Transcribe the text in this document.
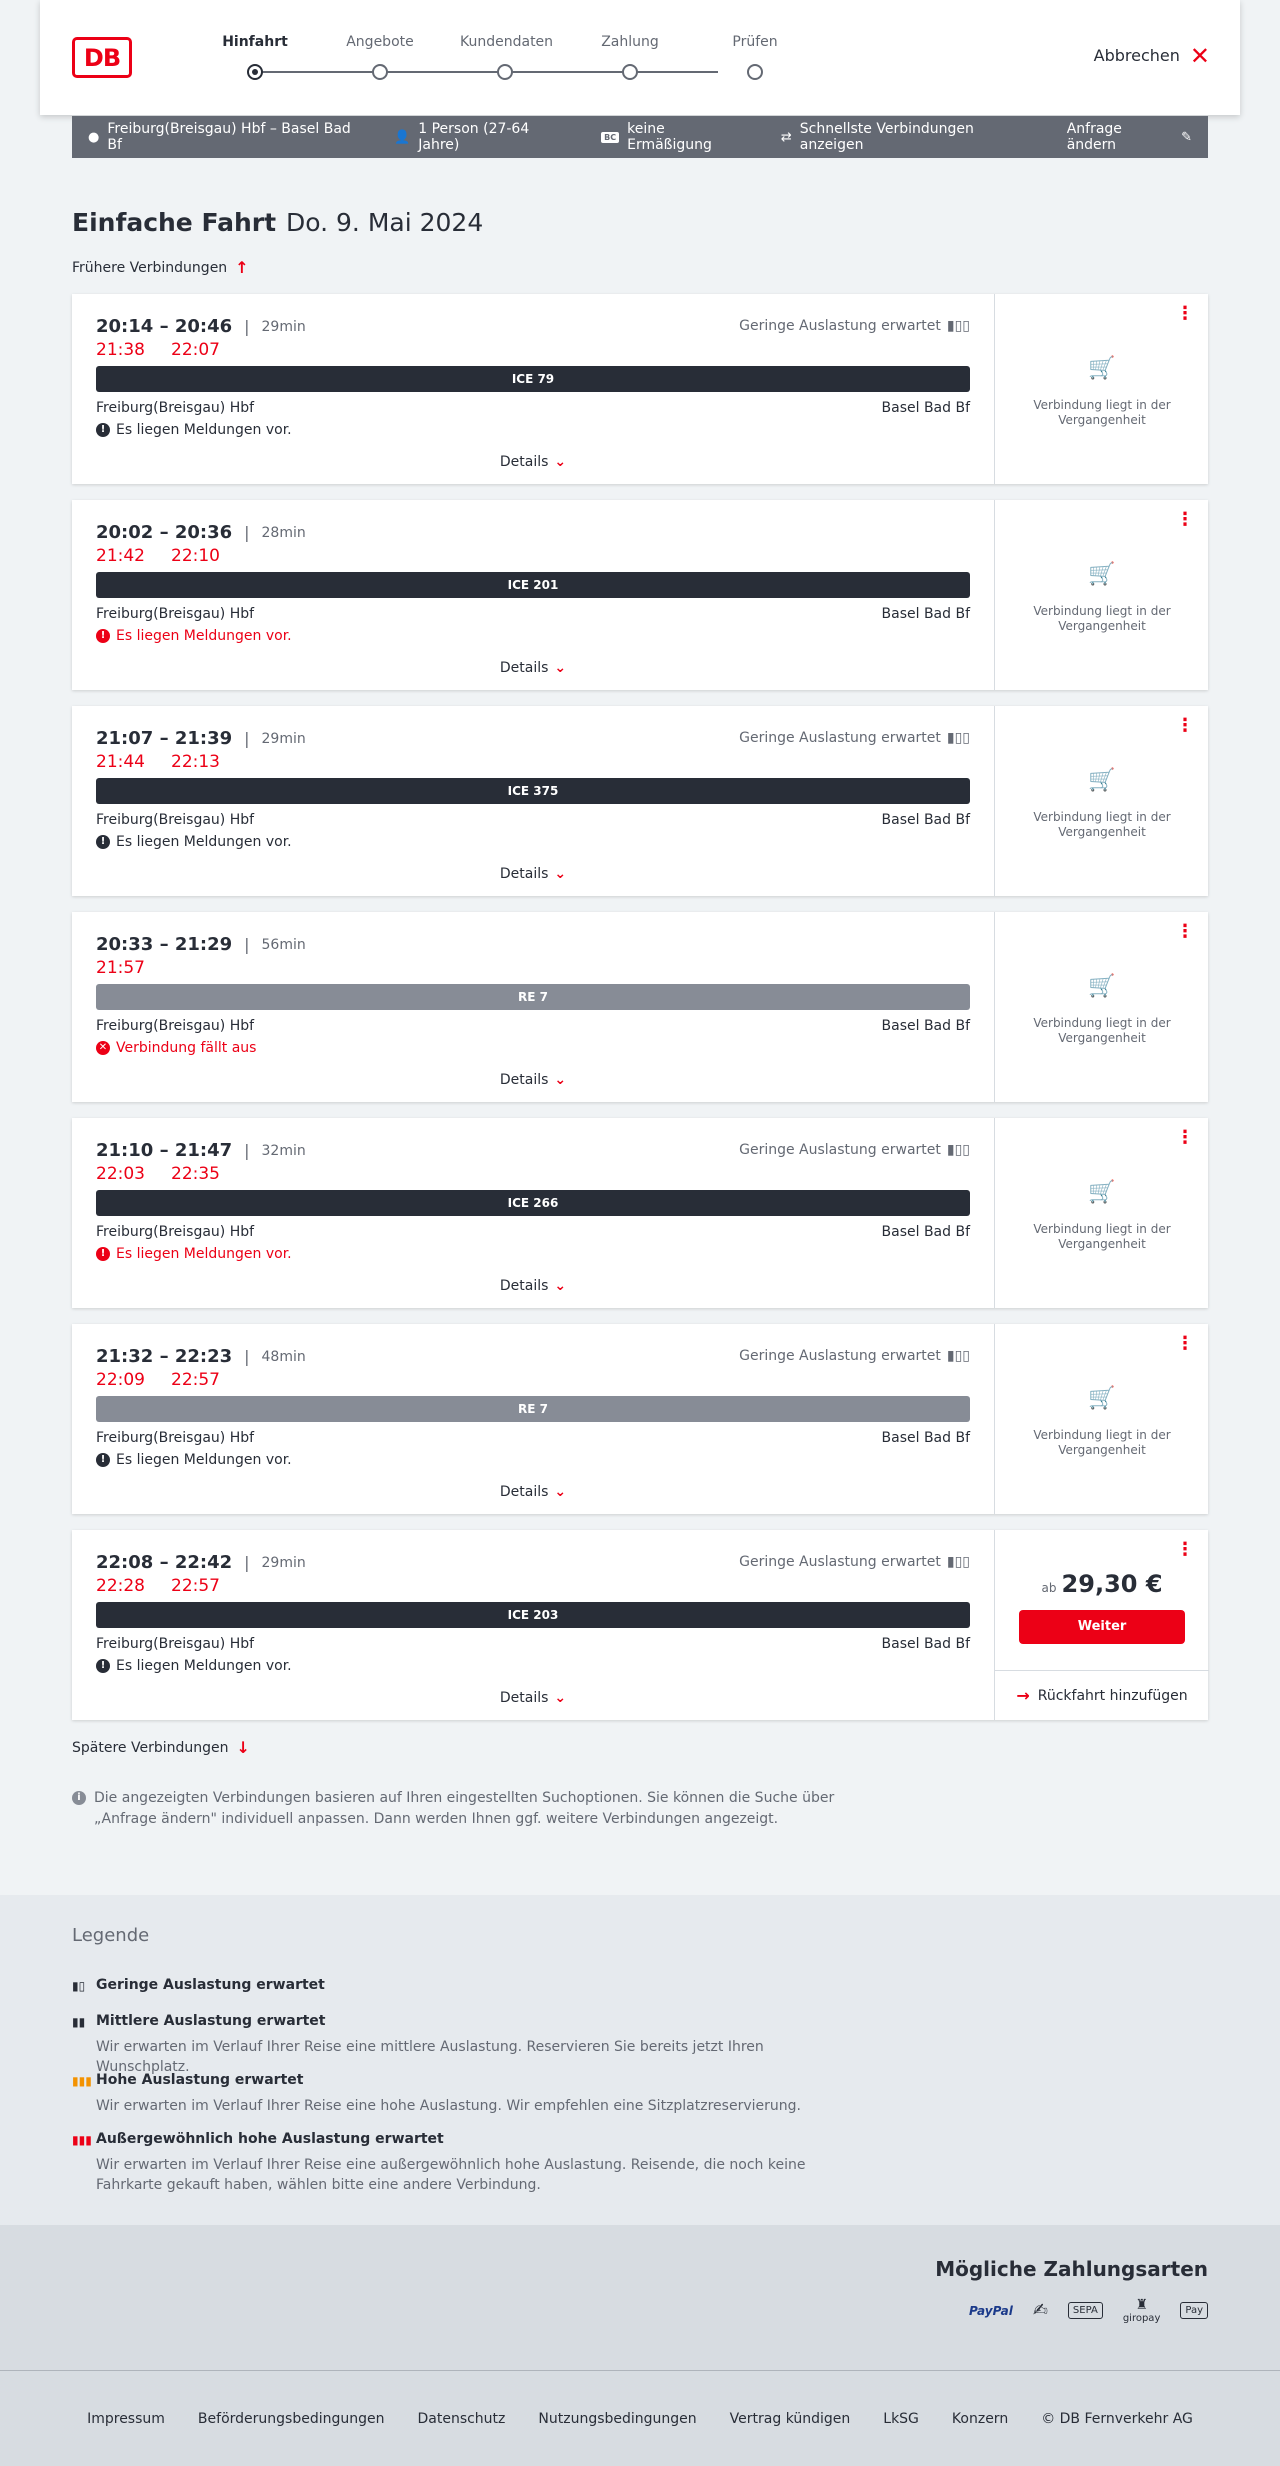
DB
Hinfahrt	Angebote	Kundendaten	Zahlung	Prüfen
Abbrechen ✕
● Freiburg(Breisgau) Hbf – Basel Bad Bf	👤 1 Person (27-64 Jahre)	BC keine Ermäßigung	⇄ Schnellste Verbindungen anzeigen
Anfrage ändern	✎
Einfache Fahrt Do. 9. Mai 2024
Frühere Verbindungen ↑
20:14 – 20:46 | 29min
21:38 22:07
Geringe Auslastung erwartet ▮▯▯
ICE 79
Freiburg(Breisgau) Hbf	Basel Bad Bf
! Es liegen Meldungen vor.
Details ⌄
⋮
🛒
Verbindung liegt in der Vergangenheit
20:02 – 20:36 | 28min
21:42 22:10
ICE 201
Freiburg(Breisgau) Hbf	Basel Bad Bf
! Es liegen Meldungen vor.
Details ⌄
⋮
🛒
Verbindung liegt in der Vergangenheit
21:07 – 21:39 | 29min
21:44 22:13
Geringe Auslastung erwartet ▮▯▯
ICE 375
Freiburg(Breisgau) Hbf	Basel Bad Bf
! Es liegen Meldungen vor.
Details ⌄
⋮
🛒
Verbindung liegt in der Vergangenheit
20:33 – 21:29 | 56min
21:57
RE 7
Freiburg(Breisgau) Hbf	Basel Bad Bf
✕ Verbindung fällt aus
Details ⌄
⋮
🛒
Verbindung liegt in der Vergangenheit
21:10 – 21:47 | 32min
22:03 22:35
Geringe Auslastung erwartet ▮▯▯
ICE 266
Freiburg(Breisgau) Hbf	Basel Bad Bf
! Es liegen Meldungen vor.
Details ⌄
⋮
🛒
Verbindung liegt in der Vergangenheit
21:32 – 22:23 | 48min
22:09 22:57
Geringe Auslastung erwartet ▮▯▯
RE 7
Freiburg(Breisgau) Hbf	Basel Bad Bf
! Es liegen Meldungen vor.
Details ⌄
⋮
🛒
Verbindung liegt in der Vergangenheit
22:08 – 22:42 | 29min
22:28 22:57
Geringe Auslastung erwartet ▮▯▯
ICE 203
Freiburg(Breisgau) Hbf	Basel Bad Bf
! Es liegen Meldungen vor.
Details ⌄
⋮
ab 29,30 €
Weiter
→ Rückfahrt hinzufügen
Spätere Verbindungen ↓
i Die angezeigten Verbindungen basieren auf Ihren eingestellten Suchoptionen. Sie können die Suche über „Anfrage ändern" individuell anpassen. Dann werden Ihnen ggf. weitere Verbindungen angezeigt.
Legende
▮▯ Geringe Auslastung erwartet
▮▮ Mittlere Auslastung erwartet
Wir erwarten im Verlauf Ihrer Reise eine mittlere Auslastung. Reservieren Sie bereits jetzt Ihren Wunschplatz.
▮▮▮ Hohe Auslastung erwartet
Wir erwarten im Verlauf Ihrer Reise eine hohe Auslastung. Wir empfehlen eine Sitzplatzreservierung.
▮▮▮ Außergewöhnlich hohe Auslastung erwartet
Wir erwarten im Verlauf Ihrer Reise eine außergewöhnlich hohe Auslastung. Reisende, die noch keine Fahrkarte gekauft haben, wählen bitte eine andere Verbindung.
Mögliche Zahlungsarten
PayPal ✍	SEPA	♜
giropay
Pay
Impressum Beförderungsbedingungen Datenschutz Nutzungsbedingungen Vertrag kündigen LkSG Konzern © DB Fernverkehr AG
